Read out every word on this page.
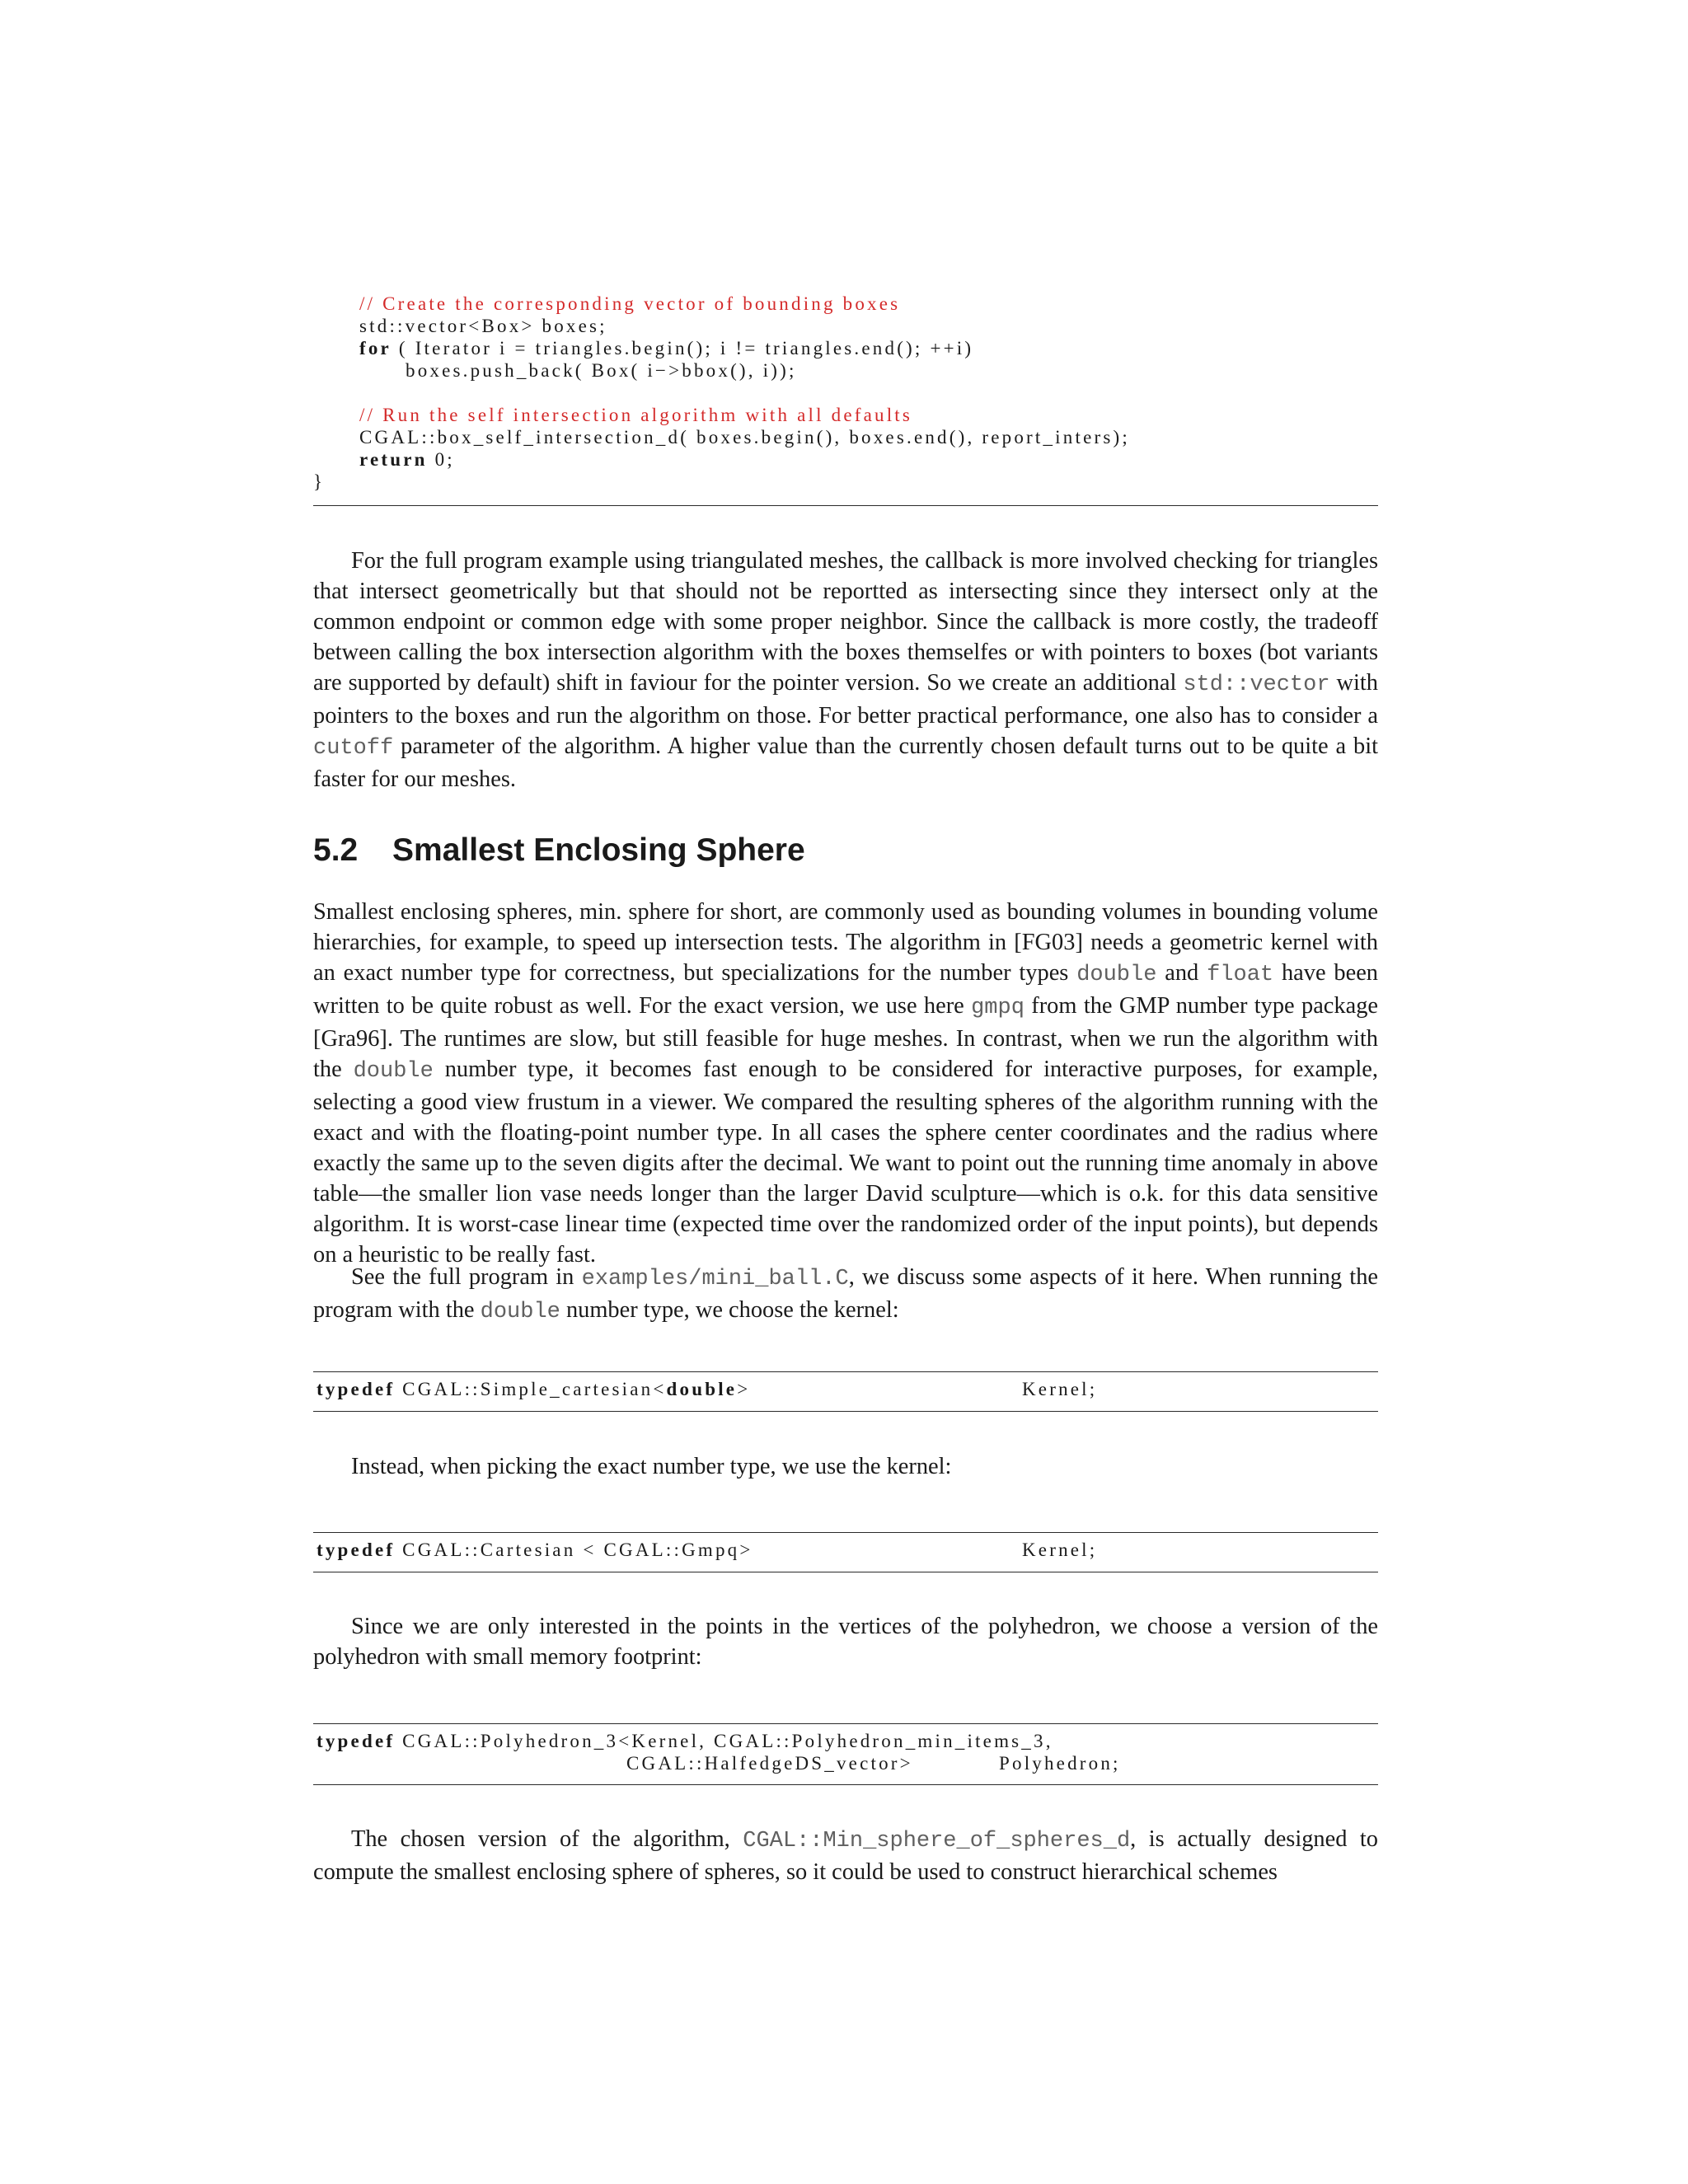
// Create the corresponding vector of bounding boxes

std::vector<Box> boxes;

for ( Iterator i = triangles.begin(); i != triangles.end(); ++i)

boxes.push_back( Box( i−>bbox(), i));

// Run the self intersection algorithm with all defaults

CGAL::box_self_intersection_d( boxes.begin(), boxes.end(), report_inters);

return 0;

}

For the full program example using triangulated meshes, the callback is more involved checking for triangles that intersect geometrically but that should not be reportted as intersecting since they intersect only at the common endpoint or common edge with some proper neighbor. Since the callback is more costly, the tradeoff between calling the box intersection algorithm with the boxes themselfes or with pointers to boxes (bot variants are supported by default) shift in faviour for the pointer version. So we create an additional std::vector with pointers to the boxes and run the algorithm on those. For better practical performance, one also has to consider a cutoff parameter of the algorithm. A higher value than the currently chosen default turns out to be quite a bit faster for our meshes.
5.2 Smallest Enclosing Sphere
Smallest enclosing spheres, min. sphere for short, are commonly used as bounding volumes in bounding volume hierarchies, for example, to speed up intersection tests. The algorithm in [FG03] needs a geometric kernel with an exact number type for correctness, but specializations for the number types double and float have been written to be quite robust as well. For the exact version, we use here gmpq from the GMP number type package [Gra96]. The runtimes are slow, but still feasible for huge meshes. In contrast, when we run the algorithm with the double number type, it becomes fast enough to be considered for interactive purposes, for example, selecting a good view frustum in a viewer. We compared the resulting spheres of the algorithm running with the exact and with the floating-point number type. In all cases the sphere center coordinates and the radius where exactly the same up to the seven digits after the decimal. We want to point out the running time anomaly in above table—the smaller lion vase needs longer than the larger David sculpture—which is o.k. for this data sensitive algorithm. It is worst-case linear time (expected time over the randomized order of the input points), but depends on a heuristic to be really fast.
See the full program in examples/mini_ball.C, we discuss some aspects of it here. When running the program with the double number type, we choose the kernel:

typedef CGAL::Simple_cartesian<double>

	Kernel;

Instead, when picking the exact number type, we use the kernel:

typedef CGAL::Cartesian < CGAL::Gmpq>

	Kernel;

Since we are only interested in the points in the vertices of the polyhedron, we choose a version of the polyhedron with small memory footprint:

typedef CGAL::Polyhedron_3<Kernel, CGAL::Polyhedron_min_items_3,

CGAL::HalfedgeDS_vector>

	Polyhedron;

The chosen version of the algorithm, CGAL::Min_sphere_of_spheres_d, is actually designed to compute the smallest enclosing sphere of spheres, so it could be used to construct hierarchical schemes
